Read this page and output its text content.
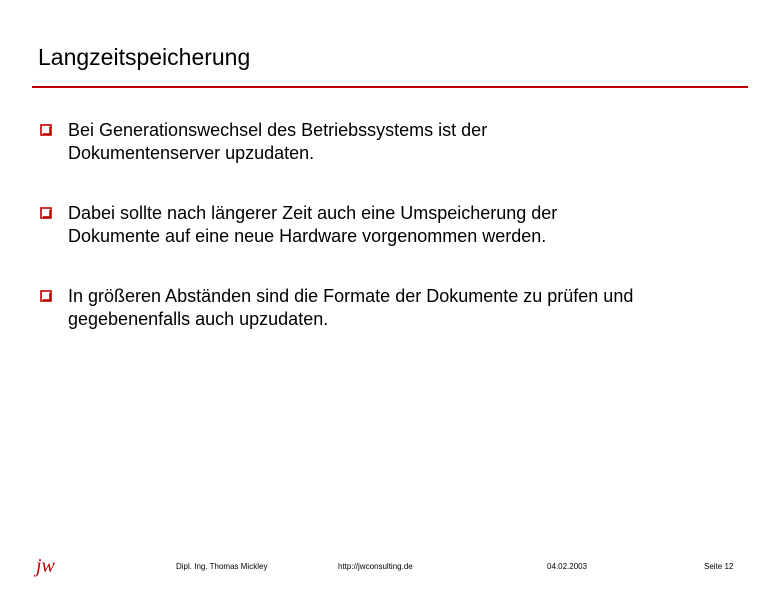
Langzeitspeicherung
Bei Generationswechsel des Betriebssystems ist der
Dokumentenserver upzudaten.
Dabei sollte nach längerer Zeit auch eine Umspeicherung der
Dokumente auf eine neue Hardware vorgenommen werden.
In größeren Abständen sind die Formate der Dokumente zu prüfen und
gegebenenfalls auch upzudaten.
jw	Dipl. Ing. Thomas Mickley	http://jwconsulting.de	04.02.2003	Seite 12
